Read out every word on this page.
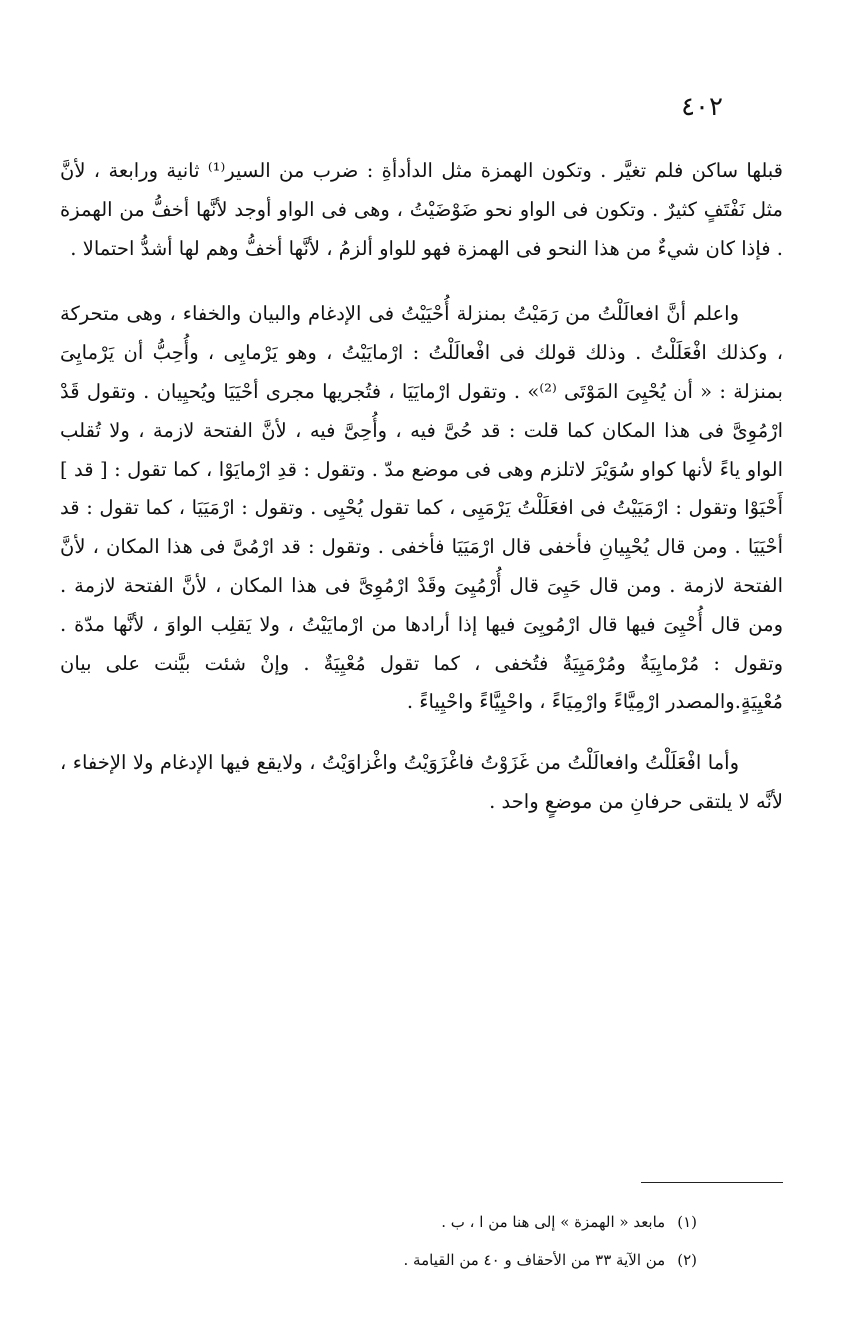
٤٠٢

قبلها ساكن فلم تغيَّر . وتكون الهمزة مثل الدأدأةِ : ضرب من السير⁽¹⁾ ثانية ورابعة ، لأنَّ مثل نَفْتَفٍ كثيرٌ . وتكون فى الواو نحو ضَوْضَيْتُ ، وهى فى الواو أوجد لأنَّها أخفُّ من الهمزة . فإذا كان شيءٌ من هذا النحو فى الهمزة فهو للواو ألزمُ ، لأنَّها أخفُّ وهم لها أشدُّ احتمالا .

واعلم أنَّ افعالَلْتُ من رَمَيْتُ بمنزلة أُحْيَيْتُ فى الإدغام والبيان والخفاء ، وهى متحركة ، وكذلك افْعَلَلْتُ . وذلك قولك فى افْعالَلْتُ : ارْمايَيْتُ ، وهو يَرْمايِى ، وأُحِبُّ أن يَرْمايِىَ بمنزلة : « أن يُحْيِىَ المَوْتَى ⁽²⁾» . وتقول ارْمايَيَا ، فتُجريها مجرى أحْيَيَا ويُحيِيان . وتقول قَدْ ارْمُوِىَّ فى هذا المكان كما قلت : قد حُىَّ فيه ، وأُحِىَّ فيه ، لأنَّ الفتحة لازمة ، ولا تُقلب الواو ياءً لأنها كواو سُوَيْرَ لاتلزم وهى فى موضع مدّ . وتقول : قدِ ارْمايَوْا ، كما تقول : [ قد ] أَحْيَوْا وتقول : ارْمَيَيْتُ فى افعَلَلْتُ يَرْمَيِى ، كما تقول يُحْيِى . وتقول : ارْمَيَيَا ، كما تقول : قد أحْيَيَا . ومن قال يُحْيِيانِ فأخفى قال ارْمَيَيَا فأخفى . وتقول : قد ارْمُىَّ فى هذا المكان ، لأنَّ الفتحة لازمة . ومن قال حَيِىَ قال أُرْمُيِىَ وقَدْ ارْمُوِىَّ فى هذا المكان ، لأنَّ الفتحة لازمة . ومن قال أُحْيِىَ فيها قال ارْمُويِىَ فيها إذا أرادها من ارْمايَيْتُ ، ولا يَقلِب الواوَ ، لأنَّها مدّة . وتقول : مُرْمايِيَةٌ ومُرْمَيِيَةٌ فتُخفى ، كما تقول مُعْيِيَةٌ . وإنْ شئت بيَّنت على بيان مُعْيِيَةٍ.والمصدر ارْمِيَّاءً وارْمِيَاءً ، واحْيِيَّاءً واحْيِياءً .

وأما افْعَلَلْتُ وافعالَلْتُ من غَزَوْتُ فاغْزَوَيْتُ واغْزاوَيْتُ ، ولايقع فيها الإدغام ولا الإخفاء ، لأنَّه لا يلتقى حرفانِ من موضعٍ واحد .

(١)
مابعد « الهمزة » إلى هنا من ا ، ب .
(٢)
من الآية ٣٣ من الأحقاف و ٤٠ من القيامة .
